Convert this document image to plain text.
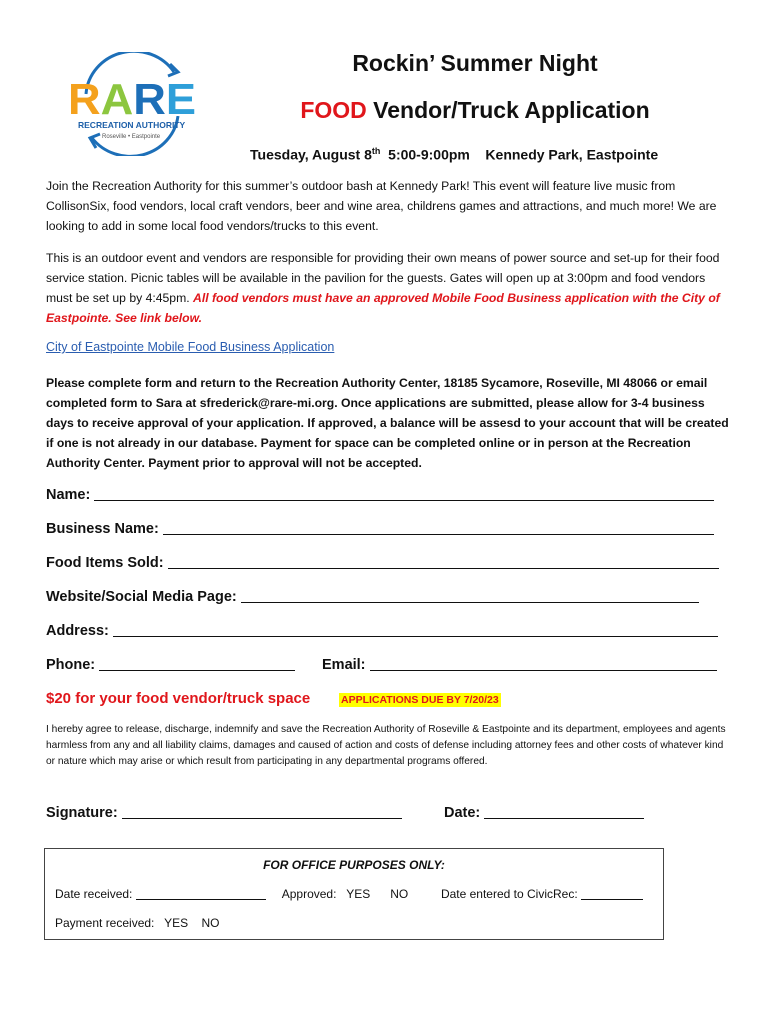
RARE
RECREATION AUTHORITY
Roseville • Eastpointe
Rockin’ Summer Night
FOOD Vendor/Truck Application
Tuesday, August 8th  5:00-9:00pm    Kennedy Park, Eastpointe
Join the Recreation Authority for this summer’s outdoor bash at Kennedy Park! This event will feature live music from CollisonSix, food vendors, local craft vendors, beer and wine area, childrens games and attractions, and much more! We are looking to add in some local food vendors/trucks to this event.
This is an outdoor event and vendors are responsible for providing their own means of power source and set-up for their food service station. Picnic tables will be available in the pavilion for the guests. Gates will open up at 3:00pm and food vendors must be set up by 4:45pm. All food vendors must have an approved Mobile Food Business application with the City of Eastpointe. See link below.
City of Eastpointe Mobile Food Business Application
Please complete form and return to the Recreation Authority Center, 18185 Sycamore, Roseville, MI 48066 or email completed form to Sara at sfrederick@rare-mi.org. Once applications are submitted, please allow for 3-4 business days to receive approval of your application. If approved, a balance will be assesd to your account that will be created if one is not already in our database. Payment for space can be completed online or in person at the Recreation Authority Center. Payment prior to approval will not be accepted.
Name:
Business Name:
Food Items Sold:
Website/Social Media Page:
Address:
Phone:	Email:
$20 for your food vendor/truck space	APPLICATIONS DUE BY 7/20/23
I hereby agree to release, discharge, indemnify and save the Recreation Authority of Roseville & Eastpointe and its department, employees and agents harmless from any and all liability claims, damages and caused of action and costs of defense including attorney fees and other costs of whatever kind or nature which may arise or which result from participating in any departmental programs offered.
Signature:	Date:
FOR OFFICE PURPOSES ONLY:
Date received:	Approved:   YES      NO	Date entered to CivicRec:
Payment received:   YES    NO
